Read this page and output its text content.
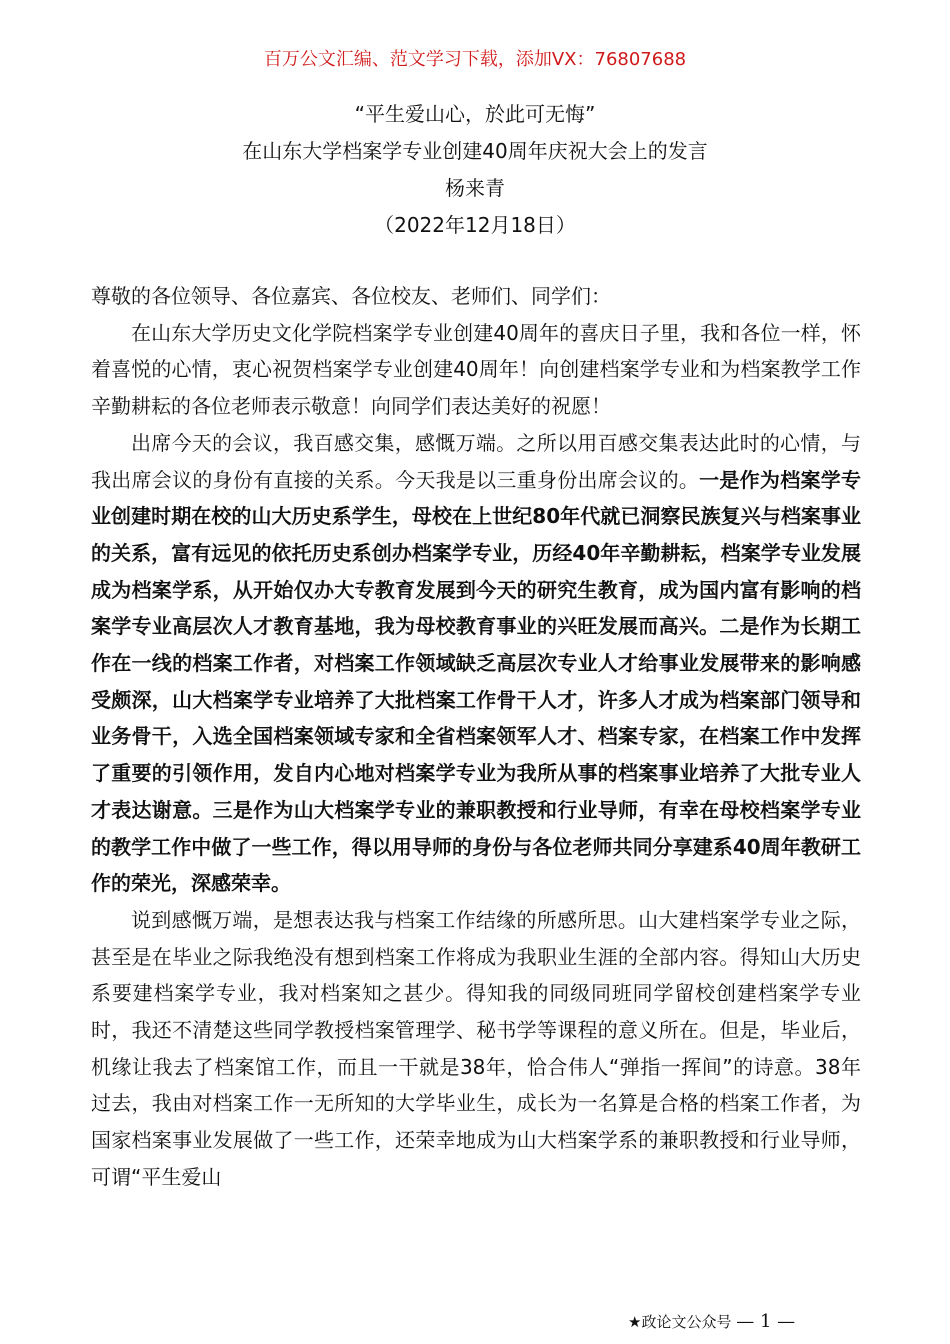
百万公文汇编、范文学习下载，添加VX：76807688
“平生爱山心，於此可无悔”
在山东大学档案学专业创建40周年庆祝大会上的发言
杨来青
（2022年12月18日）

尊敬的各位领导、各位嘉宾、各位校友、老师们、同学们：

在山东大学历史文化学院档案学专业创建40周年的喜庆日子里，我和各位一样，怀着喜悦的心情，衷心祝贺档案学专业创建40周年！向创建档案学专业和为档案教学工作辛勤耕耘的各位老师表示敬意！向同学们表达美好的祝愿！

出席今天的会议，我百感交集，感慨万端。之所以用百感交集表达此时的心情，与我出席会议的身份有直接的关系。今天我是以三重身份出席会议的。一是作为档案学专业创建时期在校的山大历史系学生，母校在上世纪80年代就已洞察民族复兴与档案事业的关系，富有远见的依托历史系创办档案学专业，历经40年辛勤耕耘，档案学专业发展成为档案学系，从开始仅办大专教育发展到今天的研究生教育，成为国内富有影响的档案学专业高层次人才教育基地，我为母校教育事业的兴旺发展而高兴。二是作为长期工作在一线的档案工作者，对档案工作领域缺乏高层次专业人才给事业发展带来的影响感受颇深，山大档案学专业培养了大批档案工作骨干人才，许多人才成为档案部门领导和业务骨干，入选全国档案领域专家和全省档案领军人才、档案专家，在档案工作中发挥了重要的引领作用，发自内心地对档案学专业为我所从事的档案事业培养了大批专业人才表达谢意。三是作为山大档案学专业的兼职教授和行业导师，有幸在母校档案学专业的教学工作中做了一些工作，得以用导师的身份与各位老师共同分享建系40周年教研工作的荣光，深感荣幸。

说到感慨万端，是想表达我与档案工作结缘的所感所思。山大建档案学专业之际，甚至是在毕业之际我绝没有想到档案工作将成为我职业生涯的全部内容。得知山大历史系要建档案学专业，我对档案知之甚少。得知我的同级同班同学留校创建档案学专业时，我还不清楚这些同学教授档案管理学、秘书学等课程的意义所在。但是，毕业后，机缘让我去了档案馆工作，而且一干就是38年，恰合伟人“弹指一挥间”的诗意。38年过去，我由对档案工作一无所知的大学毕业生，成长为一名算是合格的档案工作者，为国家档案事业发展做了一些工作，还荣幸地成为山大档案学系的兼职教授和行业导师，可谓“平生爱山

★政论文公众号 — 1 —
